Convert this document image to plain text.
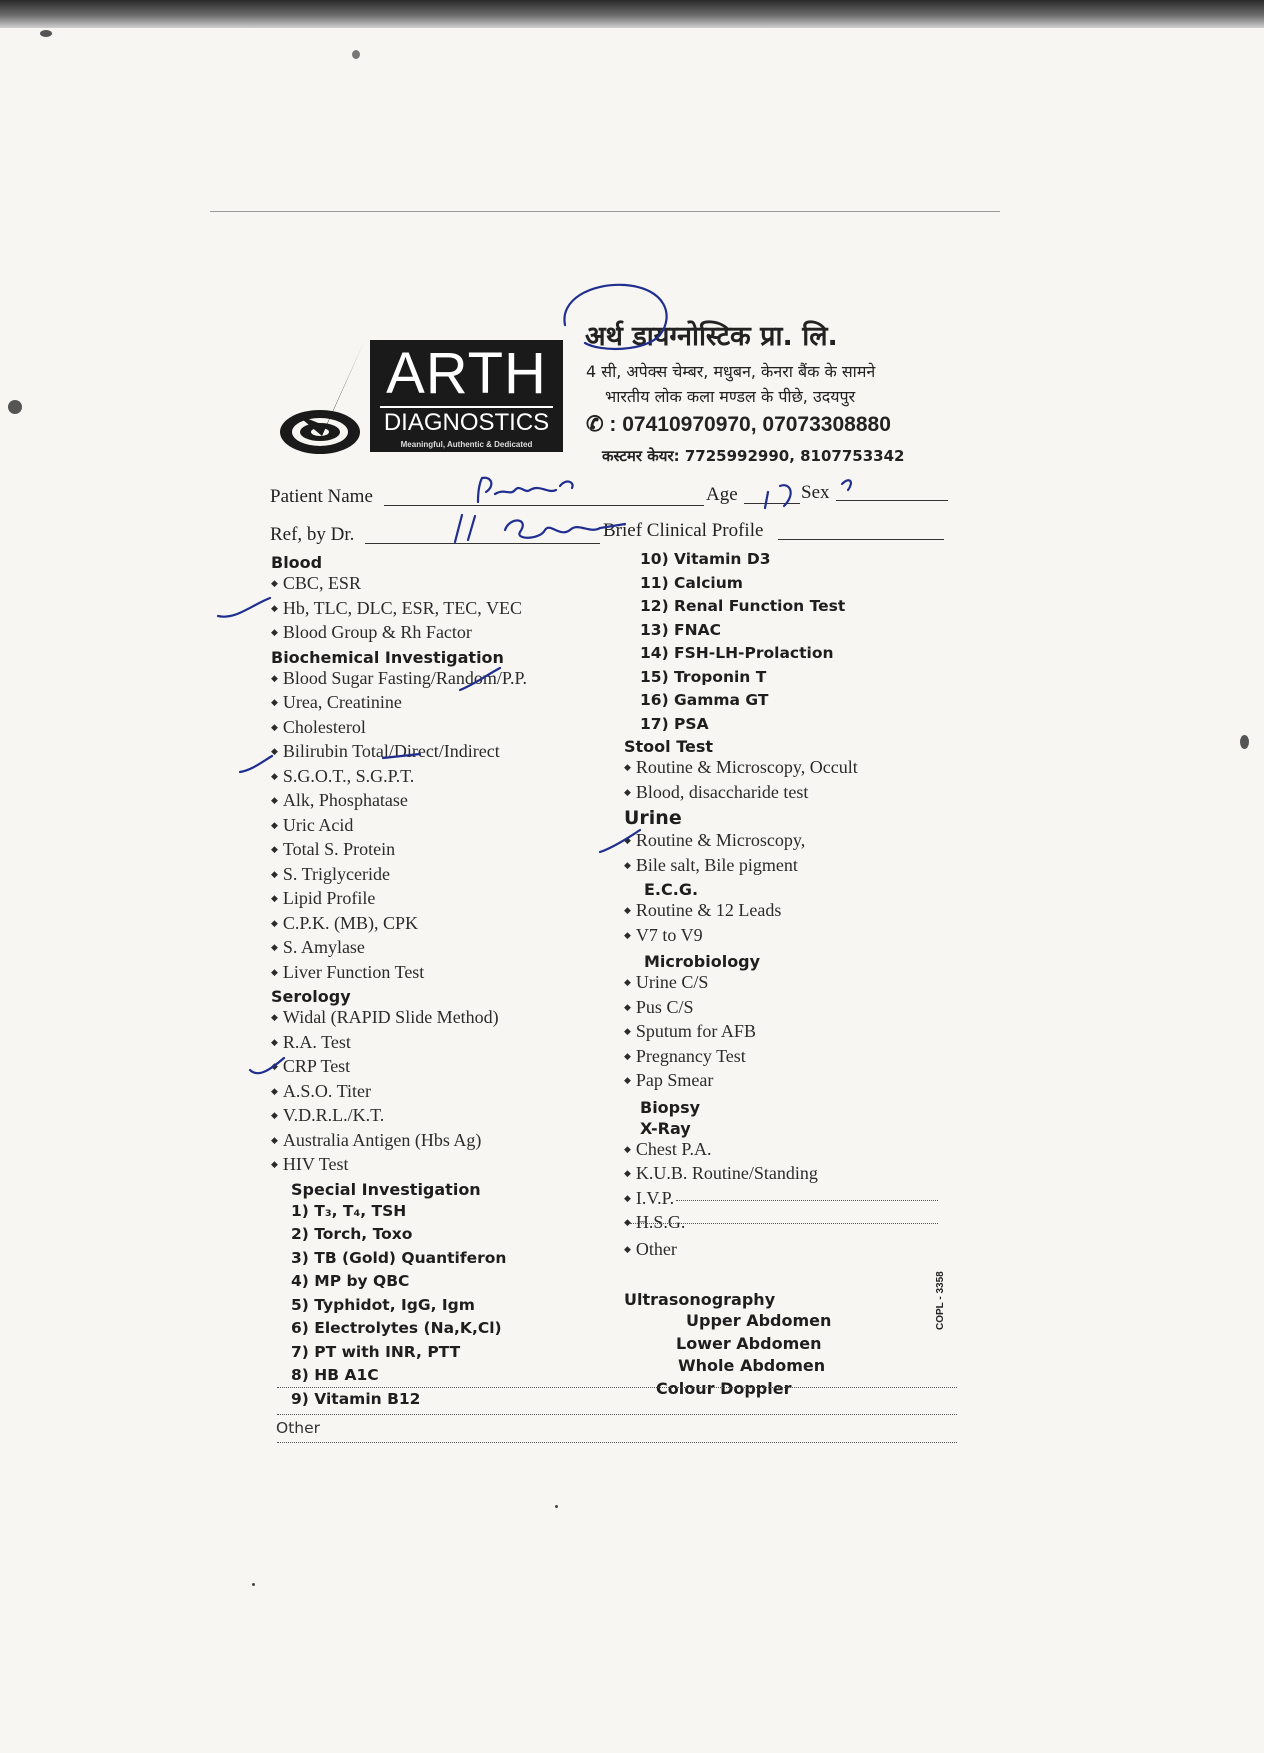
ARTH
DIAGNOSTICS
Meaningful, Authentic & Dedicated
अर्थ डायग्नोस्टिक प्रा. लि.
4 सी, अपेक्स चेम्बर, मधुबन, केनरा बैंक के सामने
भारतीय लोक कला मण्डल के पीछे, उदयपुर
✆ : 07410970970, 07073308880
कस्टमर केयर: 7725992990, 8107753342
Patient Name	Age	Sex
Ref, by Dr.	Brief Clinical Profile
Blood
◆ CBC, ESR
◆ Hb, TLC, DLC, ESR, TEC, VEC
◆ Blood Group & Rh Factor
Biochemical Investigation
◆ Blood Sugar Fasting/Random/P.P.
◆ Urea, Creatinine
◆ Cholesterol
◆ Bilirubin Total/Direct/Indirect
◆ S.G.O.T., S.G.P.T.
◆ Alk, Phosphatase
◆ Uric Acid
◆ Total S. Protein
◆ S. Triglyceride
◆ Lipid Profile
◆ C.P.K. (MB), CPK
◆ S. Amylase
◆ Liver Function Test
Serology
◆ Widal (RAPID Slide Method)
◆ R.A. Test
◆ CRP Test
◆ A.S.O. Titer
◆ V.D.R.L./K.T.
◆ Australia Antigen (Hbs Ag)
◆ HIV Test
Special Investigation
1) T₃, T₄, TSH
2) Torch, Toxo
3) TB (Gold) Quantiferon
4) MP by QBC
5) Typhidot, IgG, Igm
6) Electrolytes (Na,K,Cl)
7) PT with INR, PTT
8) HB A1C
9) Vitamin B12
Other
10) Vitamin D3
11) Calcium
12) Renal Function Test
13) FNAC
14) FSH-LH-Prolaction
15) Troponin T
16) Gamma GT
17) PSA
Stool Test
◆ Routine & Microscopy, Occult
◆ Blood, disaccharide test
Urine
◆ Routine & Microscopy,
◆ Bile salt, Bile pigment
E.C.G.
◆ Routine & 12 Leads
◆ V7 to V9
Microbiology
◆ Urine C/S
◆ Pus C/S
◆ Sputum for AFB
◆ Pregnancy Test
◆ Pap Smear
Biopsy
X-Ray
◆ Chest P.A.
◆ K.U.B. Routine/Standing
◆ I.V.P.
◆ H.S.G.
◆ Other
Ultrasonography
Upper Abdomen
Lower Abdomen
Whole Abdomen
Colour Doppler
COPL - 3358
